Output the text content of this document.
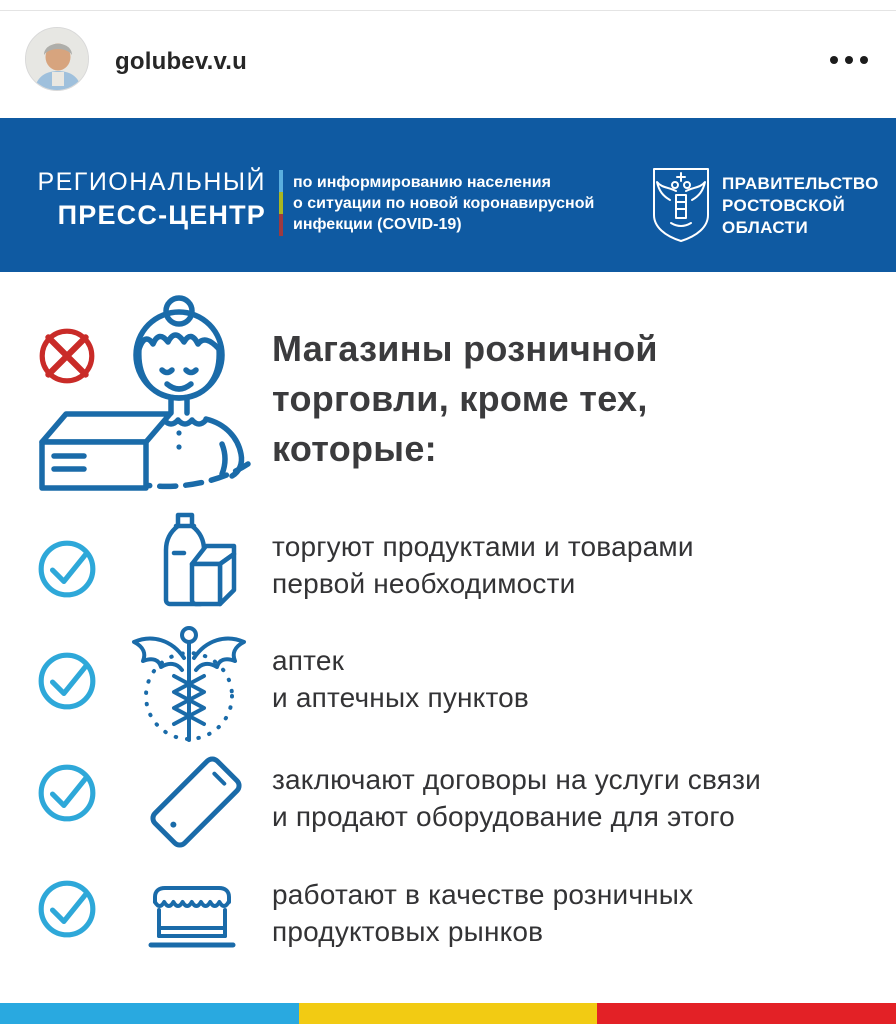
golubev.v.u
РЕГИОНАЛЬНЫЙ
ПРЕСС-ЦЕНТР
по информированию населения
о ситуации по новой коронавирусной
инфекции (COVID-19)
ПРАВИТЕЛЬСТВО
РОСТОВСКОЙ
ОБЛАСТИ
Магазины розничной
торговли, кроме тех,
которые:
торгуют продуктами и товарами
первой необходимости
аптек
и аптечных пунктов
заключают договоры на услуги связи
и продают оборудование для этого
работают в качестве розничных
продуктовых рынков
